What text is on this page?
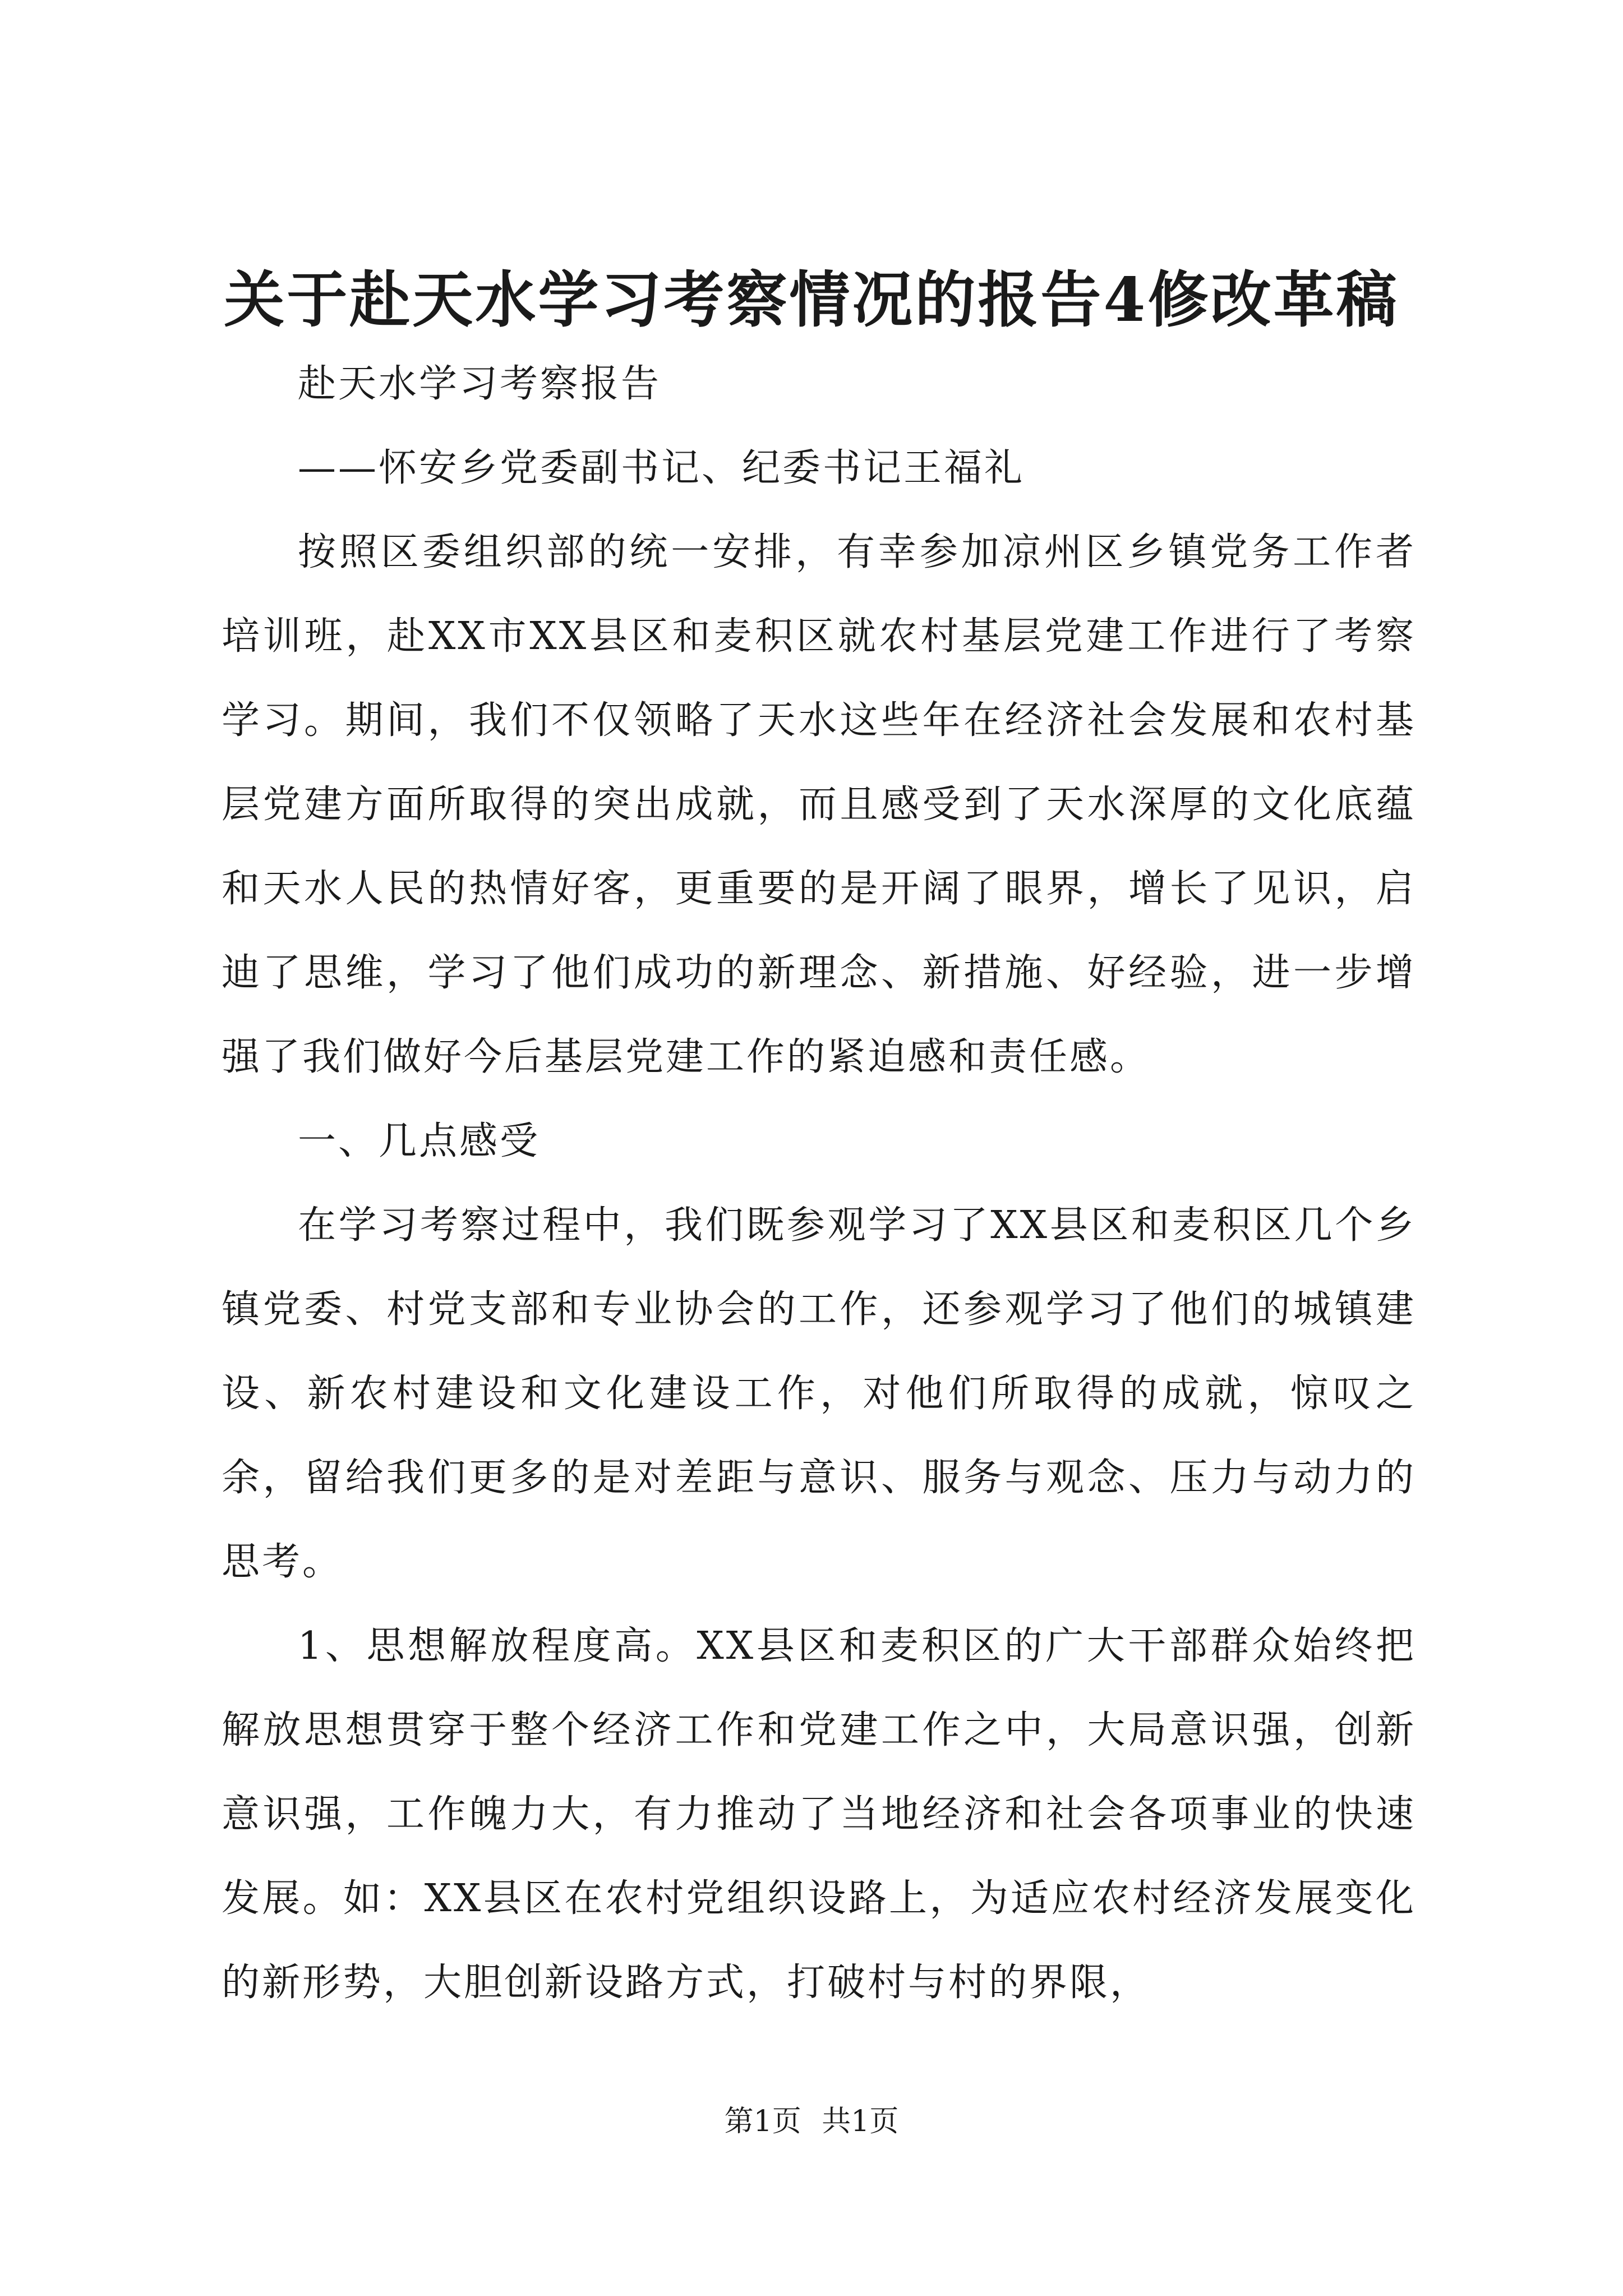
关于赴天水学习考察情况的报告4修改革稿

赴天水学习考察报告

——怀安乡党委副书记、纪委书记王福礼

按照区委组织部的统一安排，有幸参加凉州区乡镇党务工作者培训班，赴XX市XX县区和麦积区就农村基层党建工作进行了考察学习。期间，我们不仅领略了天水这些年在经济社会发展和农村基层党建方面所取得的突出成就，而且感受到了天水深厚的文化底蕴和天水人民的热情好客，更重要的是开阔了眼界，增长了见识，启迪了思维，学习了他们成功的新理念、新措施、好经验，进一步增强了我们做好今后基层党建工作的紧迫感和责任感。

一、几点感受

在学习考察过程中，我们既参观学习了XX县区和麦积区几个乡镇党委、村党支部和专业协会的工作，还参观学习了他们的城镇建设、新农村建设和文化建设工作，对他们所取得的成就，惊叹之余，留给我们更多的是对差距与意识、服务与观念、压力与动力的思考。

1、思想解放程度高。XX县区和麦积区的广大干部群众始终把解放思想贯穿于整个经济工作和党建工作之中，大局意识强，创新意识强，工作魄力大，有力推动了当地经济和社会各项事业的快速发展。如：XX县区在农村党组织设路上，为适应农村经济发展变化的新形势，大胆创新设路方式，打破村与村的界限，

第1页 共1页
